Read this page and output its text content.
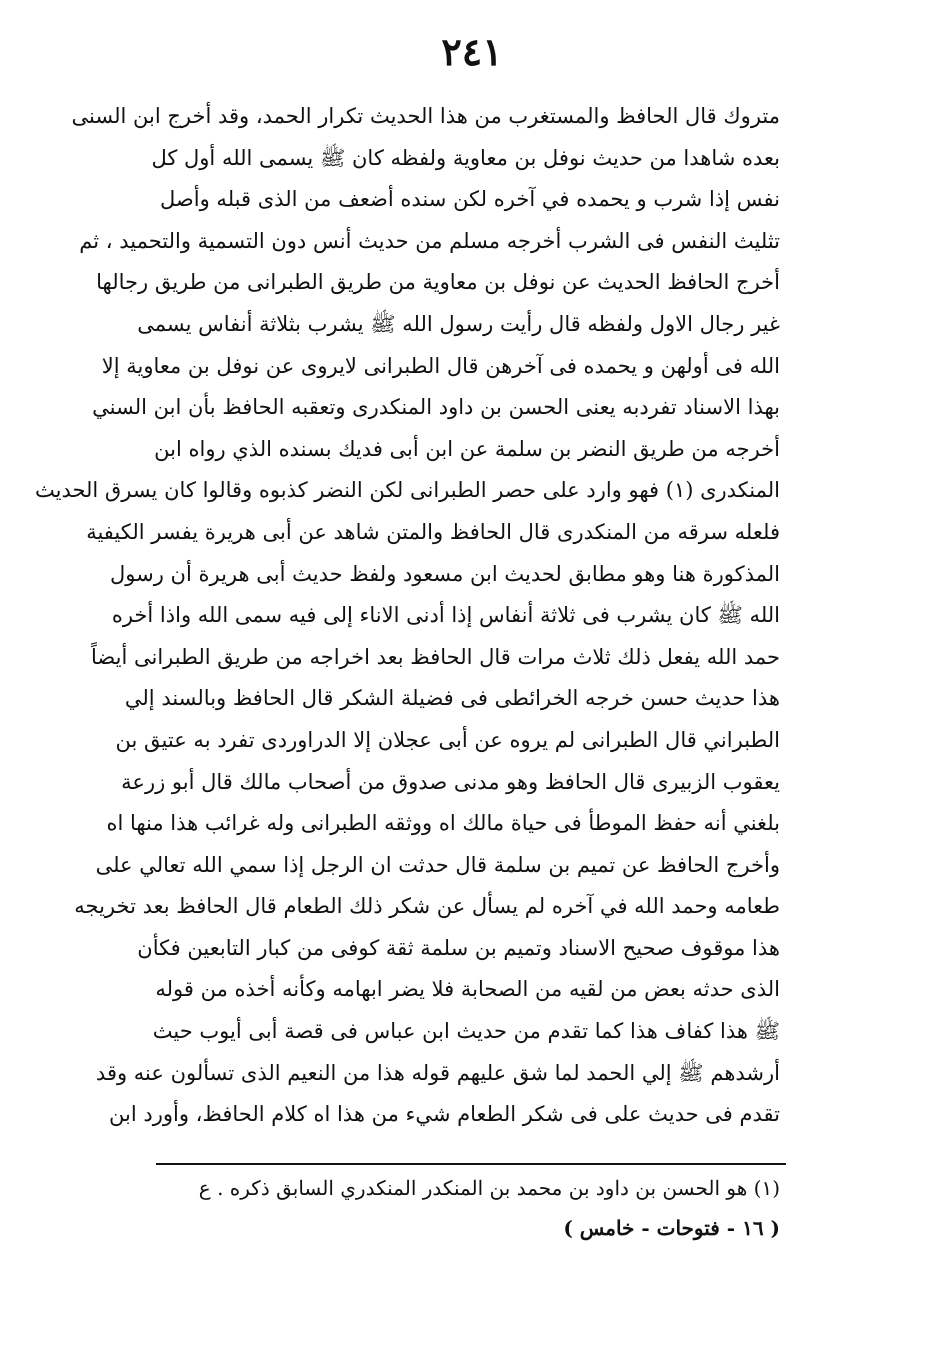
٢٤١
متروك قال الحافظ والمستغرب من هذا الحديث تكرار الحمد، وقد أخرج ابن السنى
بعده شاهدا من حديث نوفل بن معاوية ولفظه كان ﷺ يسمى الله أول كل
نفس إذا شرب و يحمده في آخره لكن سنده أضعف من الذى قبله وأصل
تثليث النفس فى الشرب أخرجه مسلم من حديث أنس دون التسمية والتحميد ، ثم
أخرج الحافظ الحديث عن نوفل بن معاوية من طريق الطبرانى من طريق رجالها
غير رجال الاول ولفظه قال رأيت رسول الله ﷺ يشرب بثلاثة أنفاس يسمى
الله فى أولهن و يحمده فى آخرهن قال الطبرانى لايروى عن نوفل بن معاوية إلا
بهذا الاسناد تفردبه يعنى الحسن بن داود المنكدرى وتعقبه الحافظ بأن ابن السني
أخرجه من طريق النضر بن سلمة عن ابن أبى فديك بسنده الذي رواه ابن
المنكدرى (١) فهو وارد على حصر الطبرانى لكن النضر كذبوه وقالوا كان يسرق الحديث
فلعله سرقه من المنكدرى قال الحافظ والمتن شاهد عن أبى هريرة يفسر الكيفية
المذكورة هنا وهو مطابق لحديث ابن مسعود ولفظ حديث أبى هريرة أن رسول
الله ﷺ كان يشرب فى ثلاثة أنفاس إذا أدنى الاناء إلى فيه سمى الله واذا أخره
حمد الله يفعل ذلك ثلاث مرات قال الحافظ بعد اخراجه من طريق الطبرانى أيضاً
هذا حديث حسن خرجه الخرائطى فى فضيلة الشكر قال الحافظ وبالسند إلي
الطبراني قال الطبرانى لم يروه عن أبى عجلان إلا الدراوردى تفرد به عتيق بن
يعقوب الزبيرى قال الحافظ وهو مدنى صدوق من أصحاب مالك قال أبو زرعة
بلغني أنه حفظ الموطأ فى حياة مالك اه ووثقه الطبرانى وله غرائب هذا منها اه
وأخرج الحافظ عن تميم بن سلمة قال حدثت ان الرجل إذا سمي الله تعالي على
طعامه وحمد الله في آخره لم يسأل عن شكر ذلك الطعام قال الحافظ بعد تخريجه
هذا موقوف صحيح الاسناد وتميم بن سلمة ثقة كوفى من كبار التابعين فكأن
الذى حدثه بعض من لقيه من الصحابة فلا يضر ابهامه وكأنه أخذه من قوله
ﷺ هذا كفاف هذا كما تقدم من حديث ابن عباس فى قصة أبى أيوب حيث
أرشدهم ﷺ إلي الحمد لما شق عليهم قوله هذا من النعيم الذى تسألون عنه وقد
تقدم فى حديث على فى شكر الطعام شيء من هذا اه كلام الحافظ، وأورد ابن
(١) هو الحسن بن داود بن محمد بن المنكدر المنكدري السابق ذكره . ع
( ١٦ - فتوحات - خامس )
